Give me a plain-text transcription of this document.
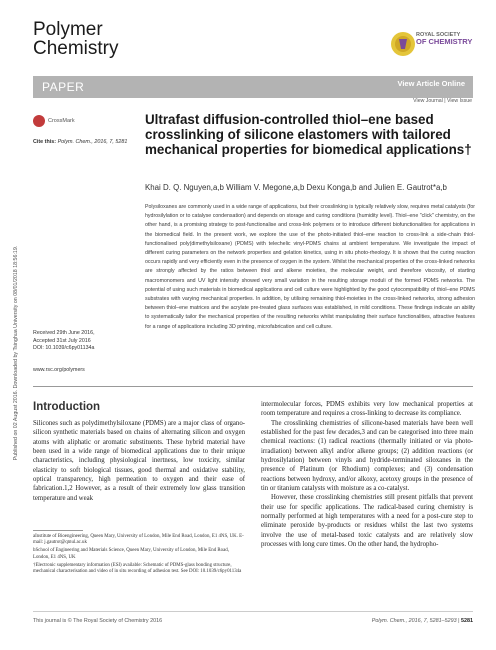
Polymer
Chemistry
ROYAL SOCIETY
OF CHEMISTRY
PAPER	View Article Online
View Journal | View Issue
Published on 02 August 2016. Downloaded by Tsinghua University on 08/01/2018 18:56:19.
CrossMark
Cite this: Polym. Chem., 2016, 7, 5281
Ultrafast diffusion-controlled thiol–ene based crosslinking of silicone elastomers with tailored mechanical properties for biomedical applications†
Khai D. Q. Nguyen,a,b William V. Megone,a,b Dexu Konga,b and Julien E. Gautrot*a,b
Polysiloxanes are commonly used in a wide range of applications, but their crosslinking is typically relatively slow, requires metal catalysts (for hydrosilylation or to catalyse condensation) and depends on storage and curing conditions (humidity level). Thiol–ene "click" chemistry, on the other hand, is a promising strategy to post-functionalise and cross-link polymers or to introduce different biofunctionalities for applications in the biomedical field. In the present work, we explore the use of the photo-initiated thiol–ene reaction to cross-link a side-chain thiol-functionalised poly(dimethylsiloxane) (PDMS) with telechelic vinyl-PDMS chains at ambient temperature. We investigate the impact of different curing parameters on the network properties and gelation kinetics, using in situ photo-rheology. It is shown that the curing reaction occurs rapidly and very efficiently even in the presence of oxygen in the system. Whilst the mechanical properties of the cross-linked networks are strongly affected by the ratios between thiol and alkene moieties, the molecular weight, and therefore viscosity, of starting macromonomers and UV light intensity showed very small variation in the resulting storage moduli of the formed PDMS networks. The potential of using such materials in biomedical applications and cell culture were highlighted by the good cytocompatibility of thiol–ene PDMS substrates with varying mechanical properties. In addition, by utilising remaining thiol-moieties in the cross-linked networks, strong adhesion between thiol–ene matrices and the acrylate pre-treated glass surfaces was established, in mild conditions. These findings indicate an ability to systematically tailor the mechanical properties of the resulting networks whilst manipulating their surface functionalities, attractive features for a range of applications including 3D printing, microfabrication and cell culture.
Received 29th June 2016,
Accepted 31st July 2016
DOI: 10.1039/c6py01134a
www.rsc.org/polymers
Introduction
Silicones such as polydimethylsiloxane (PDMS) are a major class of organo-silicon synthetic materials based on chains of alternating silicon and oxygen atoms with aliphatic or aromatic substituents. These hybrid material have been used in a wide range of biomedical applications due to their unique characteristics, including physiological inertness, low toxicity, similar elasticity to soft biological tissues, good thermal and oxidative stability, optical transparency, high permeation to oxygen and their ease of fabrication.1,2 However, as a result of their extremely low glass transition temperature and weak

intermolecular forces, PDMS exhibits very low mechanical properties at room temperature and requires a cross-linking to decrease its compliance.

The crosslinking chemistries of silicone-based materials have been well established for the past few decades,3 and can be categorised into three main chemical reactions: (1) radical reactions (thermally initiated or via photo-irradiation) between alkyl and/or alkene groups; (2) addition reactions (or hydrosilylation) between vinyls and hydride-terminated siloxanes in the presence of Platinum (or Rhodium) complexes; and (3) condensation reactions between hydroxy, and/or alkoxy, acetoxy groups in the presence of tin or titanium catalysts with moisture as a co-catalyst.

However, these crosslinking chemistries still present pitfalls that prevent their use for specific applications. The radical-based curing chemistry is normally performed at high temperatures with a need for a post-cure step to eliminate peroxide by-products or residues whilst the last two systems involve the use of metal-based toxic catalysts and are relatively slow processes with long cure times. On the other hand, the hydropho-

aInstitute of Bioengineering, Queen Mary, University of London, Mile End Road, London, E1 4NS, UK. E-mail: j.gautrot@qmul.ac.uk

bSchool of Engineering and Materials Science, Queen Mary, University of London, Mile End Road, London, E1 4NS, UK

†Electronic supplementary information (ESI) available: Schematic of PDMS-glass bonding structure, mechanical characterisation and video of in situ recording of adhesion test. See DOI: 10.1039/c6py01134a

This journal is © The Royal Society of Chemistry 2016	Polym. Chem., 2016, 7, 5281–5293 | 5281
